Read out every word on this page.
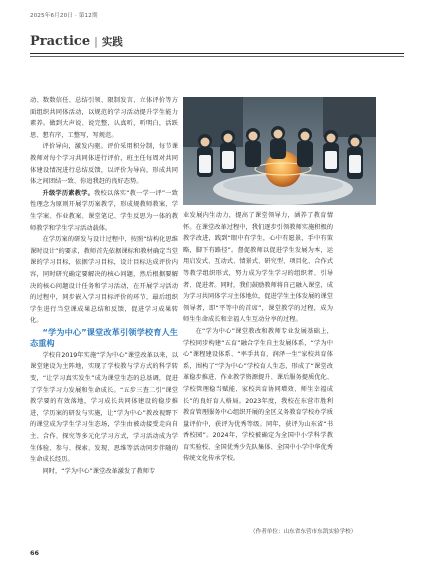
2025年6月20日 · 第12期
Practice | 实践

动、数数信任、总结引领、限制发言、立体评价等方面组织共同体活动，以规范的学习活动提升学生能力素养。做到大声说、说完整，认真听，听明白，活跃思、想有序，工整写，写规范。

评价导向，激发内驱。评价采用积分制，每节课教师对每个学习共同体进行评价，班主任每周对共同体建设情况进行总结反馈，以评价为导向，形成共同体之间团结一致、你追我赶的良好态势。

升级学历素教学。我校以落实“教一学一评”一致性理念为原则开展学历案教学，形成规教师教案、学生学案、作业教案、课堂笔记、学生反思为一体的教师教学和学生学习活动载体。

在学历案的研发与设计过程中，按照“结构化思维课时设计”的要求，教师首先依据课标和教材确定当堂课的学习目标，依据学习目标，设计目标达成评价内容，同时研究确定要解决的核心问题，然后根据要解决的核心问题设计任务和学习活动，在开展学习活动的过程中，同步嵌入学习目标评价的环节，最后组织学生进行当堂课成果总结和反馈，促进学习成果转化。

“学为中心”课堂改革引领学校育人生态重构

学校自2019年实施“学为中心”课堂改革以来，以课堂建设为主阵地，实现了学校教与学方式的科学转变，“让学习真实发生”成为课堂生态的总基调，促进了学生学习力发展和生命成长。“五步三查二引”课堂教学要的有效落地，学习成长共同体建设的稳步推进，学历案的研发与实施，让“学为中心”教改视野下的课堂成为学生学习生态场，学生由被动接受走向自主、合作、探究等多元化学习方式，学习活动成为学生体验、参与、探索、发现、思维等活动同步伴随的生命成长经历。

同时，“学为中心”课堂改革激发了教师专

业发展内生动力，提高了课堂领导力，涵养了教育情怀。在课堂改革过程中，我们逐步引领教师实施积极的教学改进，践到“眼中有学生，心中有愿景，手中有策略，脚下有路径”。督促教师以促进学生发展为本，运用启发式、互动式、情景式、研究型、项目化、合作式等教学组织形式，努力成为学生学习的组织者、引导者、促进者。同时，我们鼓励教师将自己融入课堂，成为学习共同体学习主体地位，促进学生主体发展的课堂领导者，即“平等中的首席”，课堂教学的过程，成为师生生命成长和幸福人生互动分享的过程。

在“学为中心”课堂教改和教师专业发展基础上，学校同步构建“五育”融合学生自主发展体系，“学为中心”课程建设体系、“率手共育，润泽一生”家校共育体系，围构了“学为中心”学校育人生态，形成了“课堂改革稳步推进、作业教学资源提升、课后服务提质优化、学校管理稳当赋能、家校共育协同增效、师生幸福成长”的良好育人格局。2023年度，我校在东营市胜利教育管理服务中心组织开展的全区义务教育学校办学质量评价中，获评为优秀等级。同年，获评为山东省“书香校园”。2024年，学校被确定为全国中小学科学教育实验校、全国优秀少先队集体、全国中小学中华优秀传统文化传承学校。

（作者单位：山东省东营市东凯实验学校）
66
